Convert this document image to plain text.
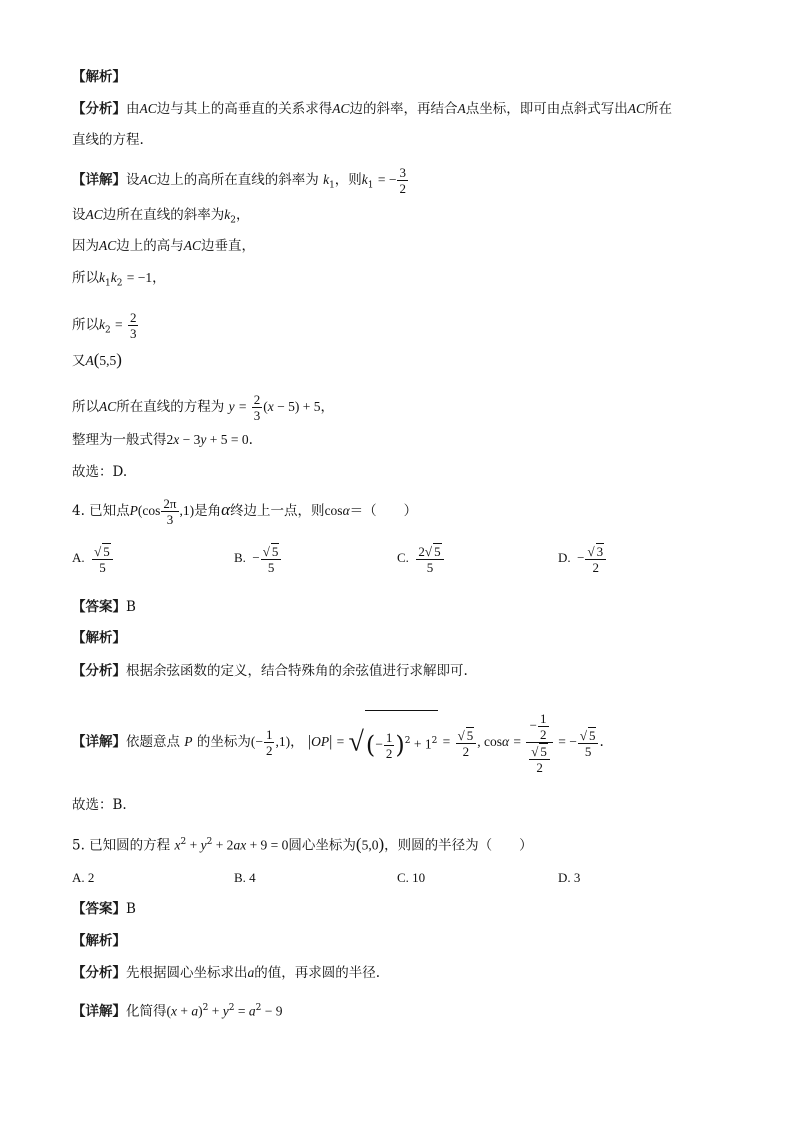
【解析】
【分析】由AC边与其上的高垂直的关系求得AC边的斜率，再结合A点坐标，即可由点斜式写出AC所在
直线的方程.
【详解】设AC边上的高所在直线的斜率为 $k_1$，则$k_1$ = − $\frac{3}{2}$
设AC边所在直线的斜率为$k_2$，
因为AC边上的高与AC边垂直，
所以$k_1k_2 = -1$，
所以$k_2 = \frac{2}{3}$
又A(5,5)
所以AC所在直线的方程为 $y = \frac{2}{3} (x - 5) + 5$，
整理为一般式得2x − 3y + 5 = 0.
故选：D.
4. 已知点$P(\cos \frac{2\pi}{3} ,1)$是角α终边上一点，则cosα＝（　　）
A. $\frac{√ 5}{5}$	B. − $\frac{√ 5}{5}$	C. $\frac{2√ 5}{5}$	D. − $\frac{√ 3}{2}$
【答案】B
【解析】
【分析】根据余弦函数的定义，结合特殊角的余弦值进行求解即可.
【详解】依题意点 P 的坐标为(− $\frac{1}{2} ,1$)， |OP| = √(− $\frac{1}{2} )^2 + 1^2 = \frac{√ 5}{2}$ , $\cos\alpha = \frac{- \frac{1}{2}}{\frac{√ 5}{2}}$ = − $\frac{√ 5}{5}$ .
故选：B.
5. 已知圆的方程 $x^2 + y^2 + 2ax + 9 = 0$圆心坐标为(5,0)，则圆的半径为（　　）
A. 2	B. 4	C. 10	D. 3
【答案】B
【解析】
【分析】先根据圆心坐标求出a的值，再求圆的半径.
【详解】化简得$(x + a)^2 + y^2 = a^2 - 9$
